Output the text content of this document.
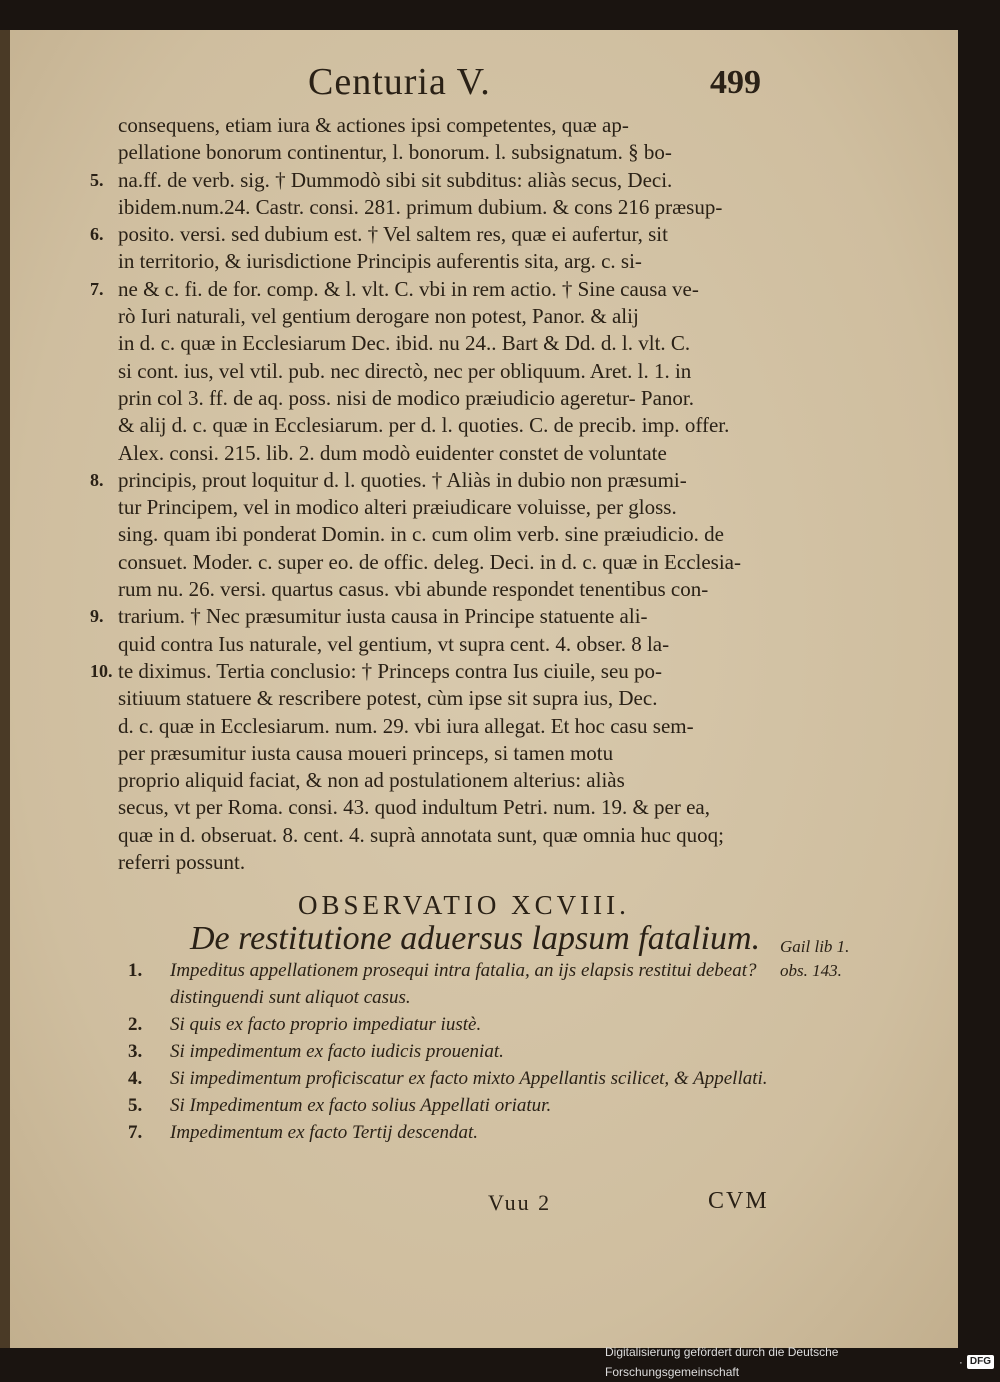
Centuria V.	499
consequens, etiam iura & actiones ipsi competentes, quæ ap-
pellatione bonorum continentur, l. bonorum. l. subsignatum. § bo-
5. na.ff. de verb. sig. † Dummodò sibi sit subditus: aliàs secus, Deci.
ibidem.num.24. Castr. consi. 281. primum dubium. & cons 216 præsup-
6. posito. versi. sed dubium est. † Vel saltem res, quæ ei aufertur, sit
in territorio, & iurisdictione Principis auferentis sita, arg. c. si-
7. ne & c. fi. de for. comp. & l. vlt. C. vbi in rem actio. † Sine causa ve-
rò Iuri naturali, vel gentium derogare non potest, Panor. & alij
in d. c. quæ in Ecclesiarum Dec. ibid. nu 24.. Bart & Dd. d. l. vlt. C.
si cont. ius, vel vtil. pub. nec directò, nec per obliquum. Aret. l. 1. in
prin col 3. ff. de aq. poss. nisi de modico præiudicio ageretur- Panor.
& alij d. c. quæ in Ecclesiarum. per d. l. quoties. C. de precib. imp. offer.
Alex. consi. 215. lib. 2. dum modò euidenter constet de voluntate
8. principis, prout loquitur d. l. quoties. † Aliàs in dubio non præsumi-
tur Principem, vel in modico alteri præiudicare voluisse, per gloss.
sing. quam ibi ponderat Domin. in c. cum olim verb. sine præiudicio. de
consuet. Moder. c. super eo. de offic. deleg. Deci. in d. c. quæ in Ecclesia-
rum nu. 26. versi. quartus casus. vbi abunde respondet tenentibus con-
9. trarium. † Nec præsumitur iusta causa in Principe statuente ali-
quid contra Ius naturale, vel gentium, vt supra cent. 4. obser. 8 la-
10. te diximus. Tertia conclusio: † Princeps contra Ius ciuile, seu po-
sitiuum statuere & rescribere potest, cùm ipse sit supra ius, Dec.
d. c. quæ in Ecclesiarum. num. 29. vbi iura allegat. Et hoc casu sem-
per præsumitur iusta causa moueri princeps, si tamen motu
proprio aliquid faciat, & non ad postulationem alterius: aliàs
secus, vt per Roma. consi. 43. quod indultum Petri. num. 19. & per ea,
quæ in d. obseruat. 8. cent. 4. suprà annotata sunt, quæ omnia huc quoq;
referri possunt.
OBSERVATIO XCVIII.
De restitutione aduersus lapsum fatalium. Gail lib 1. obs. 143.
1. Impeditus appellationem prosequi intra fatalia, an ijs elapsis restitui debeat? distinguendi sunt aliquot casus.
2. Si quis ex facto proprio impediatur iustè.
3. Si impedimentum ex facto iudicis proueniat.
4. Si impedimentum proficiscatur ex facto mixto Appellantis scilicet, & Appellati.
5. Si Impedimentum ex facto solius Appellati oriatur.
7. Impedimentum ex facto Tertij descendat.
Vuu 2	CVM
Digitalisierung gefördert durch die Deutsche Forschungsgemeinschaft
· DFG
